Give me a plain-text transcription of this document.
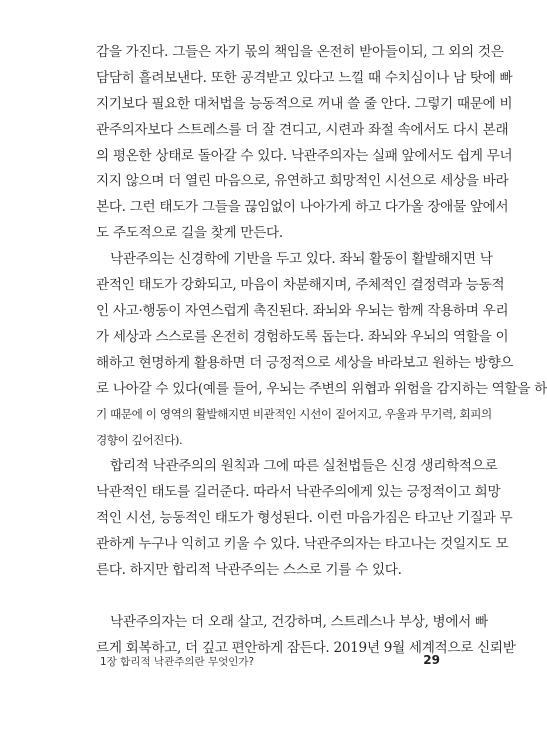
감을 가진다. 그들은 자기 몫의 책임을 온전히 받아들이되, 그 외의 것은
담담히 흘려보낸다. 또한 공격받고 있다고 느낄 때 수치심이나 남 탓에 빠
지기보다 필요한 대처법을 능동적으로 꺼내 쓸 줄 안다. 그렇기 때문에 비
관주의자보다 스트레스를 더 잘 견디고, 시련과 좌절 속에서도 다시 본래
의 평온한 상태로 돌아갈 수 있다. 낙관주의자는 실패 앞에서도 쉽게 무너
지지 않으며 더 열린 마음으로, 유연하고 희망적인 시선으로 세상을 바라
본다. 그런 태도가 그들을 끊임없이 나아가게 하고 다가올 장애물 앞에서
도 주도적으로 길을 찾게 만든다.
낙관주의는 신경학에 기반을 두고 있다. 좌뇌 활동이 활발해지면 낙
관적인 태도가 강화되고, 마음이 차분해지며, 주체적인 결정력과 능동적
인 사고·행동이 자연스럽게 촉진된다. 좌뇌와 우뇌는 함께 작용하며 우리
가 세상과 스스로를 온전히 경험하도록 돕는다. 좌뇌와 우뇌의 역할을 이
해하고 현명하게 활용하면 더 긍정적으로 세상을 바라보고 원하는 방향으
로 나아갈 수 있다(예를 들어, 우뇌는 주변의 위협과 위험을 감지하는 역할을 하
기 때문에 이 영역의 활발해지면 비관적인 시선이 짙어지고, 우울과 무기력, 회피의
경향이 깊어진다).
합리적 낙관주의의 원칙과 그에 따른 실천법들은 신경 생리학적으로
낙관적인 태도를 길러준다. 따라서 낙관주의에게 있는 긍정적이고 희망
적인 시선, 능동적인 태도가 형성된다. 이런 마음가짐은 타고난 기질과 무
관하게 누구나 익히고 키울 수 있다. 낙관주의자는 타고나는 것일지도 모
른다. 하지만 합리적 낙관주의는 스스로 기를 수 있다.
낙관주의자는 더 오래 살고, 건강하며, 스트레스나 부상, 병에서 빠
르게 회복하고, 더 깊고 편안하게 잠든다. 2019년 9월 세계적으로 신뢰받
1장 합리적 낙관주의란 무엇인가?	29
